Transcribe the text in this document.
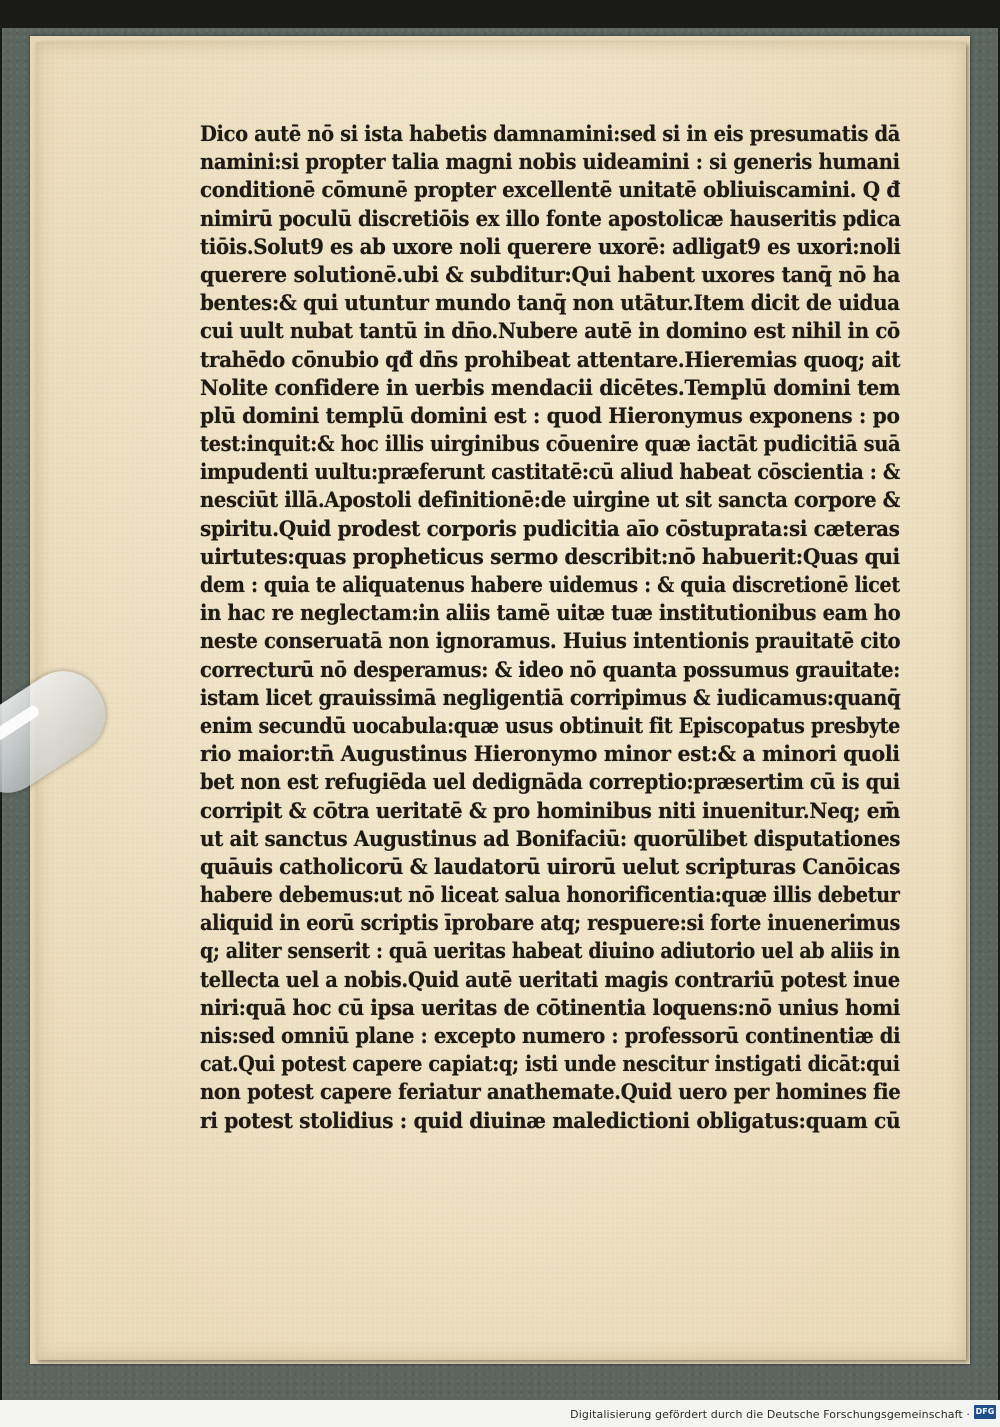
Dico autē nō si ista habetis damnamini:sed si in eis presumatis dā
namini:si propter talia magni nobis uideamini : si generis humani
conditionē cōmunē propter excellentē unitatē obliuiscamini. Q đ
nimirū poculū discretiōis ex illo fonte apostolicæ hauseritis pdica
tiōis.Solut9 es ab uxore noli querere uxorē: adligat9 es uxori:noli
querere solutionē.ubi & subditur:Qui habent uxores tanq̄ nō ha
bentes:& qui utuntur mundo tanq̄ non utātur.Item dicit de uidua
cui uult nubat tantū in dn̄o.Nubere autē in domino est nihil in cō
trahēdo cōnubio qđ dn̄s prohibeat attentare.Hieremias quoq; ait
Nolite confidere in uerbis mendacii dicētes.Templū domini tem
plū domini templū domini est : quod Hieronymus exponens : po
test:inquit:& hoc illis uirginibus cōuenire quæ iactāt pudicitiā suā
impudenti uultu:præferunt castitatē:cū aliud habeat cōscientia : &
nesciūt illā.Apostoli definitionē:de uirgine ut sit sancta corpore &
spiritu.Quid prodest corporis pudicitia aīo cōstuprata:si cæteras
uirtutes:quas propheticus sermo describit:nō habuerit:Quas qui
dem : quia te aliquatenus habere uidemus : & quia discretionē licet
in hac re neglectam:in aliis tamē uitæ tuæ institutionibus eam ho
neste conseruatā non ignoramus. Huius intentionis prauitatē cito
correcturū nō desperamus: & ideo nō quanta possumus grauitate:
istam licet grauissimā negligentiā corripimus & iudicamus:quanq̄
enim secundū uocabula:quæ usus obtinuit fit Episcopatus presbyte
rio maior:tn̄ Augustinus Hieronymo minor est:& a minori quoli
bet non est refugiēda uel dedignāda correptio:præsertim cū is qui
corripit & cōtra ueritatē & pro hominibus niti inuenitur.Neq; em̄
ut ait sanctus Augustinus ad Bonifaciū: quorūlibet disputationes
quāuis catholicorū & laudatorū uirorū uelut scripturas Canōicas
habere debemus:ut nō liceat salua honorificentia:quæ illis debetur
aliquid in eorū scriptis īprobare atq; respuere:si forte inuenerimus
q; aliter senserit : quā ueritas habeat diuino adiutorio uel ab aliis in
tellecta uel a nobis.Quid autē ueritati magis contrariū potest inue
niri:quā hoc cū ipsa ueritas de cōtinentia loquens:nō unius homi
nis:sed omniū plane : excepto numero : professorū continentiæ di
cat.Qui potest capere capiat:q; isti unde nescitur instigati dicāt:qui
non potest capere feriatur anathemate.Quid uero per homines fie
ri potest stolidius : quid diuinæ maledictioni obligatus:quam cū
Digitalisierung gefördert durch die Deutsche Forschungsgemeinschaft · DFG
